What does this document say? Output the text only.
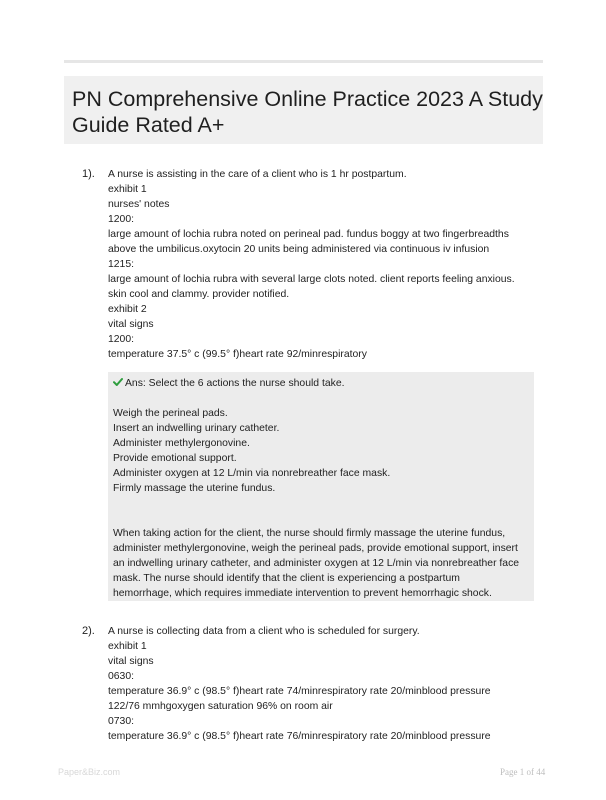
PN Comprehensive Online Practice 2023 A Study
Guide Rated A+
1). A nurse is assisting in the care of a client who is 1 hr postpartum.
exhibit 1
nurses' notes
1200:
large amount of lochia rubra noted on perineal pad. fundus boggy at two fingerbreadths
above the umbilicus.oxytocin 20 units being administered via continuous iv infusion
1215:
large amount of lochia rubra with several large clots noted. client reports feeling anxious.
skin cool and clammy. provider notified.
exhibit 2
vital signs
1200:
temperature 37.5° c (99.5° f)heart rate 92/minrespiratory
Ans: Select the 6 actions the nurse should take.
Weigh the perineal pads.
Insert an indwelling urinary catheter.
Administer methylergonovine.
Provide emotional support.
Administer oxygen at 12 L/min via nonrebreather face mask.
Firmly massage the uterine fundus.
When taking action for the client, the nurse should firmly massage the uterine fundus,
administer methylergonovine, weigh the perineal pads, provide emotional support, insert
an indwelling urinary catheter, and administer oxygen at 12 L/min via nonrebreather face
mask. The nurse should identify that the client is experiencing a postpartum
hemorrhage, which requires immediate intervention to prevent hemorrhagic shock.
2). A nurse is collecting data from a client who is scheduled for surgery.
exhibit 1
vital signs
0630:
temperature 36.9° c (98.5° f)heart rate 74/minrespiratory rate 20/minblood pressure
122/76 mmhgoxygen saturation 96% on room air
0730:
temperature 36.9° c (98.5° f)heart rate 76/minrespiratory rate 20/minblood pressure
Paper&Biz.com	Page 1 of 44
